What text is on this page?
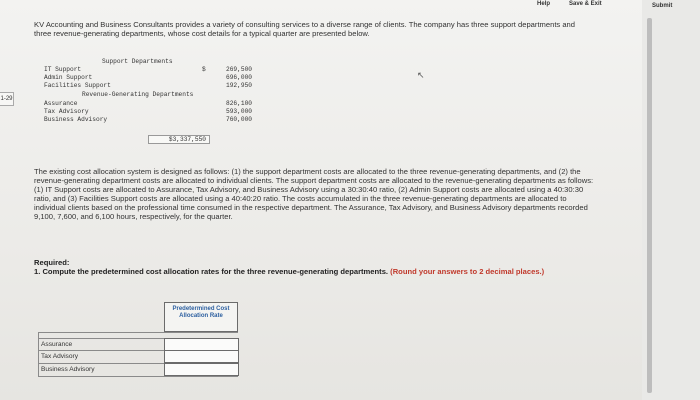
Help	Save & Exit
1-29

KV Accounting and Business Consultants provides a variety of consulting services to a diverse range of clients. The company has three support departments and three revenue-generating departments, whose cost details for a typical quarter are presented below.

Support Departments
IT Support	$	269,500
Admin Support	696,000
Facilities Support	192,950
Revenue-Generating Departments
Assurance	826,100
Tax Advisory	593,000
Business Advisory	760,000
$3,337,550
↖

The existing cost allocation system is designed as follows: (1) the support department costs are allocated to the three revenue-generating departments, and (2) the revenue-generating department costs are allocated to individual clients. The support department costs are allocated to the revenue-generating departments as follows: (1) IT Support costs are allocated to Assurance, Tax Advisory, and Business Advisory using a 30:30:40 ratio, (2) Admin Support costs are allocated using a 40:30:30 ratio, and (3) Facilities Support costs are allocated using a 40:40:20 ratio. The costs accumulated in the three revenue-generating departments are allocated to individual clients based on the professional time consumed in the respective department. The Assurance, Tax Advisory, and Business Advisory departments recorded 9,100, 7,600, and 6,100 hours, respectively, for the quarter.

Required:
1. Compute the predetermined cost allocation rates for the three revenue-generating departments. (Round your answers to 2 decimal places.)
Predetermined Cost Allocation Rate
Assurance
Tax Advisory
Business Advisory
Submit
